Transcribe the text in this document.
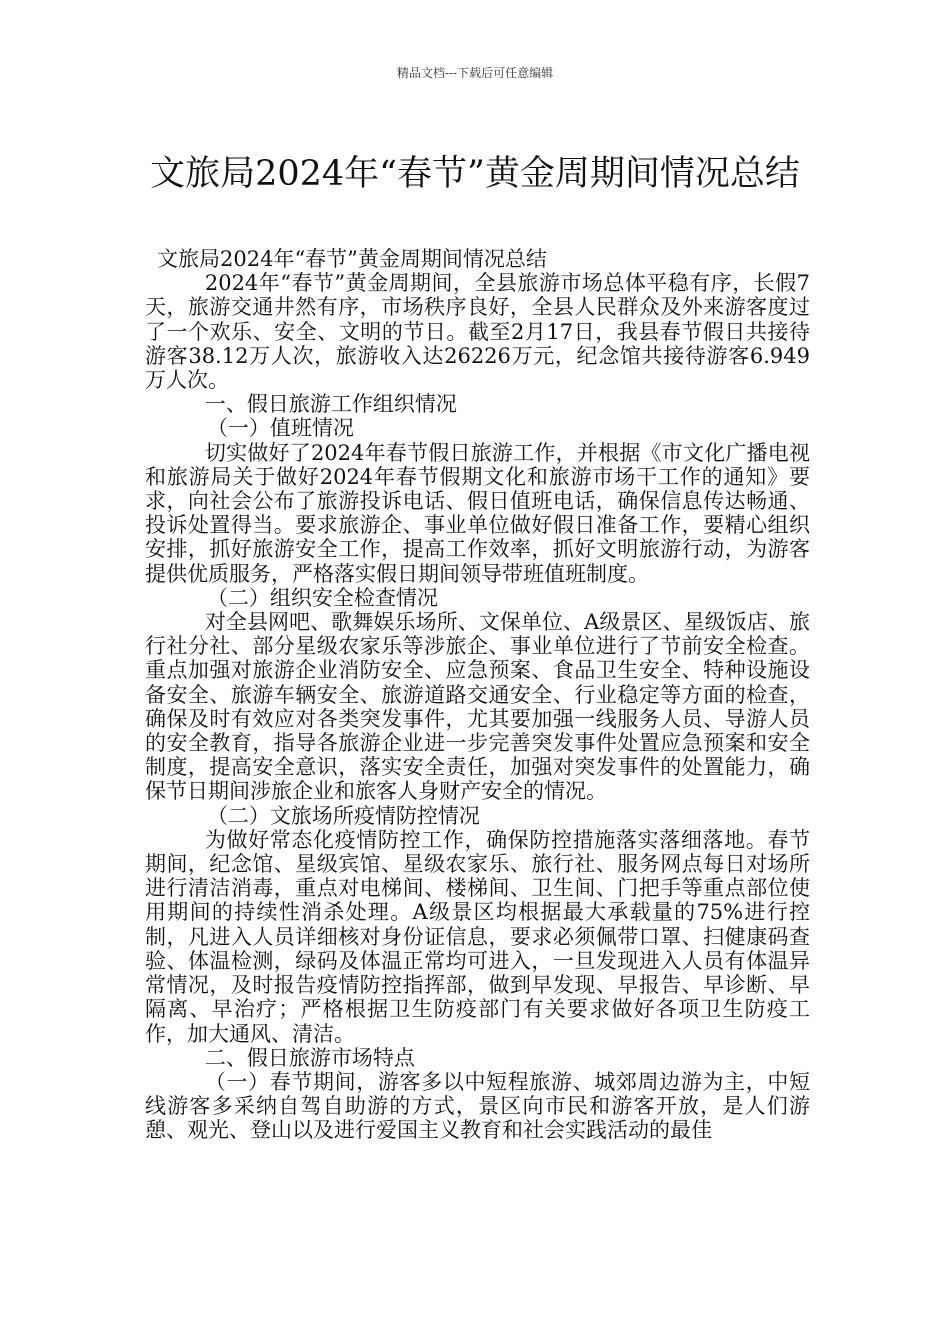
精品文档---下载后可任意编辑
文旅局2024年“春节”黄金周期间情况总结

文旅局2024年“春节”黄金周期间情况总结

2024年“春节”黄金周期间，全县旅游市场总体平稳有序，长假7天，旅游交通井然有序，市场秩序良好，全县人民群众及外来游客度过了一个欢乐、安全、文明的节日。截至2月17日，我县春节假日共接待游客38.12万人次，旅游收入达26226万元，纪念馆共接待游客6.949万人次。

一、假日旅游工作组织情况

（一）值班情况

切实做好了2024年春节假日旅游工作，并根据《市文化广播电视和旅游局关于做好2024年春节假期文化和旅游市场干工作的通知》要求，向社会公布了旅游投诉电话、假日值班电话，确保信息传达畅通、投诉处置得当。要求旅游企、事业单位做好假日准备工作，要精心组织安排，抓好旅游安全工作，提高工作效率，抓好文明旅游行动，为游客提供优质服务，严格落实假日期间领导带班值班制度。

（二）组织安全检查情况

对全县网吧、歌舞娱乐场所、文保单位、A级景区、星级饭店、旅行社分社、部分星级农家乐等涉旅企、事业单位进行了节前安全检查。重点加强对旅游企业消防安全、应急预案、食品卫生安全、特种设施设备安全、旅游车辆安全、旅游道路交通安全、行业稳定等方面的检查，确保及时有效应对各类突发事件，尤其要加强一线服务人员、导游人员的安全教育，指导各旅游企业进一步完善突发事件处置应急预案和安全制度，提高安全意识，落实安全责任，加强对突发事件的处置能力，确保节日期间涉旅企业和旅客人身财产安全的情况。

（二）文旅场所疫情防控情况

为做好常态化疫情防控工作，确保防控措施落实落细落地。春节期间，纪念馆、星级宾馆、星级农家乐、旅行社、服务网点每日对场所进行清洁消毒，重点对电梯间、楼梯间、卫生间、门把手等重点部位使用期间的持续性消杀处理。A级景区均根据最大承载量的75%进行控制，凡进入人员详细核对身份证信息，要求必须佩带口罩、扫健康码查验、体温检测，绿码及体温正常均可进入，一旦发现进入人员有体温异常情况，及时报告疫情防控指挥部，做到早发现、早报告、早诊断、早隔离、早治疗；严格根据卫生防疫部门有关要求做好各项卫生防疫工作，加大通风、清洁。

二、假日旅游市场特点

（一）春节期间，游客多以中短程旅游、城郊周边游为主，中短线游客多采纳自驾自助游的方式，景区向市民和游客开放，是人们游憩、观光、登山以及进行爱国主义教育和社会实践活动的最佳
